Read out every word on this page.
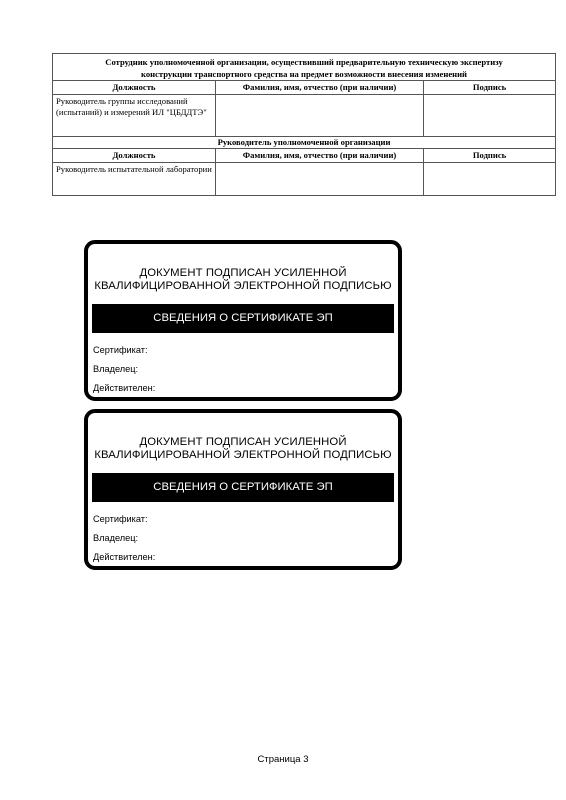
Сотрудник уполномоченной организации, осуществивший предварительную техническую экспертизу
конструкции транспортного средства на предмет возможности внесения изменений		

Должность	Фамилия, имя, отчество (при наличии)	Подпись
Руководитель группы исследований (испытаний) и измерений ИЛ "ЦБДДТЭ"		
Руководитель уполномоченной организации		
Должность	Фамилия, имя, отчество (при наличии)	Подпись
Руководитель испытательной лаборатории		
ДОКУМЕНТ ПОДПИСАН УСИЛЕННОЙ
КВАЛИФИЦИРОВАННОЙ ЭЛЕКТРОННОЙ ПОДПИСЬЮ
СВЕДЕНИЯ О СЕРТИФИКАТЕ ЭП
Сертификат:
Владелец:
Действителен:
ДОКУМЕНТ ПОДПИСАН УСИЛЕННОЙ
КВАЛИФИЦИРОВАННОЙ ЭЛЕКТРОННОЙ ПОДПИСЬЮ
СВЕДЕНИЯ О СЕРТИФИКАТЕ ЭП
Сертификат:
Владелец:
Действителен:
Страница 3
